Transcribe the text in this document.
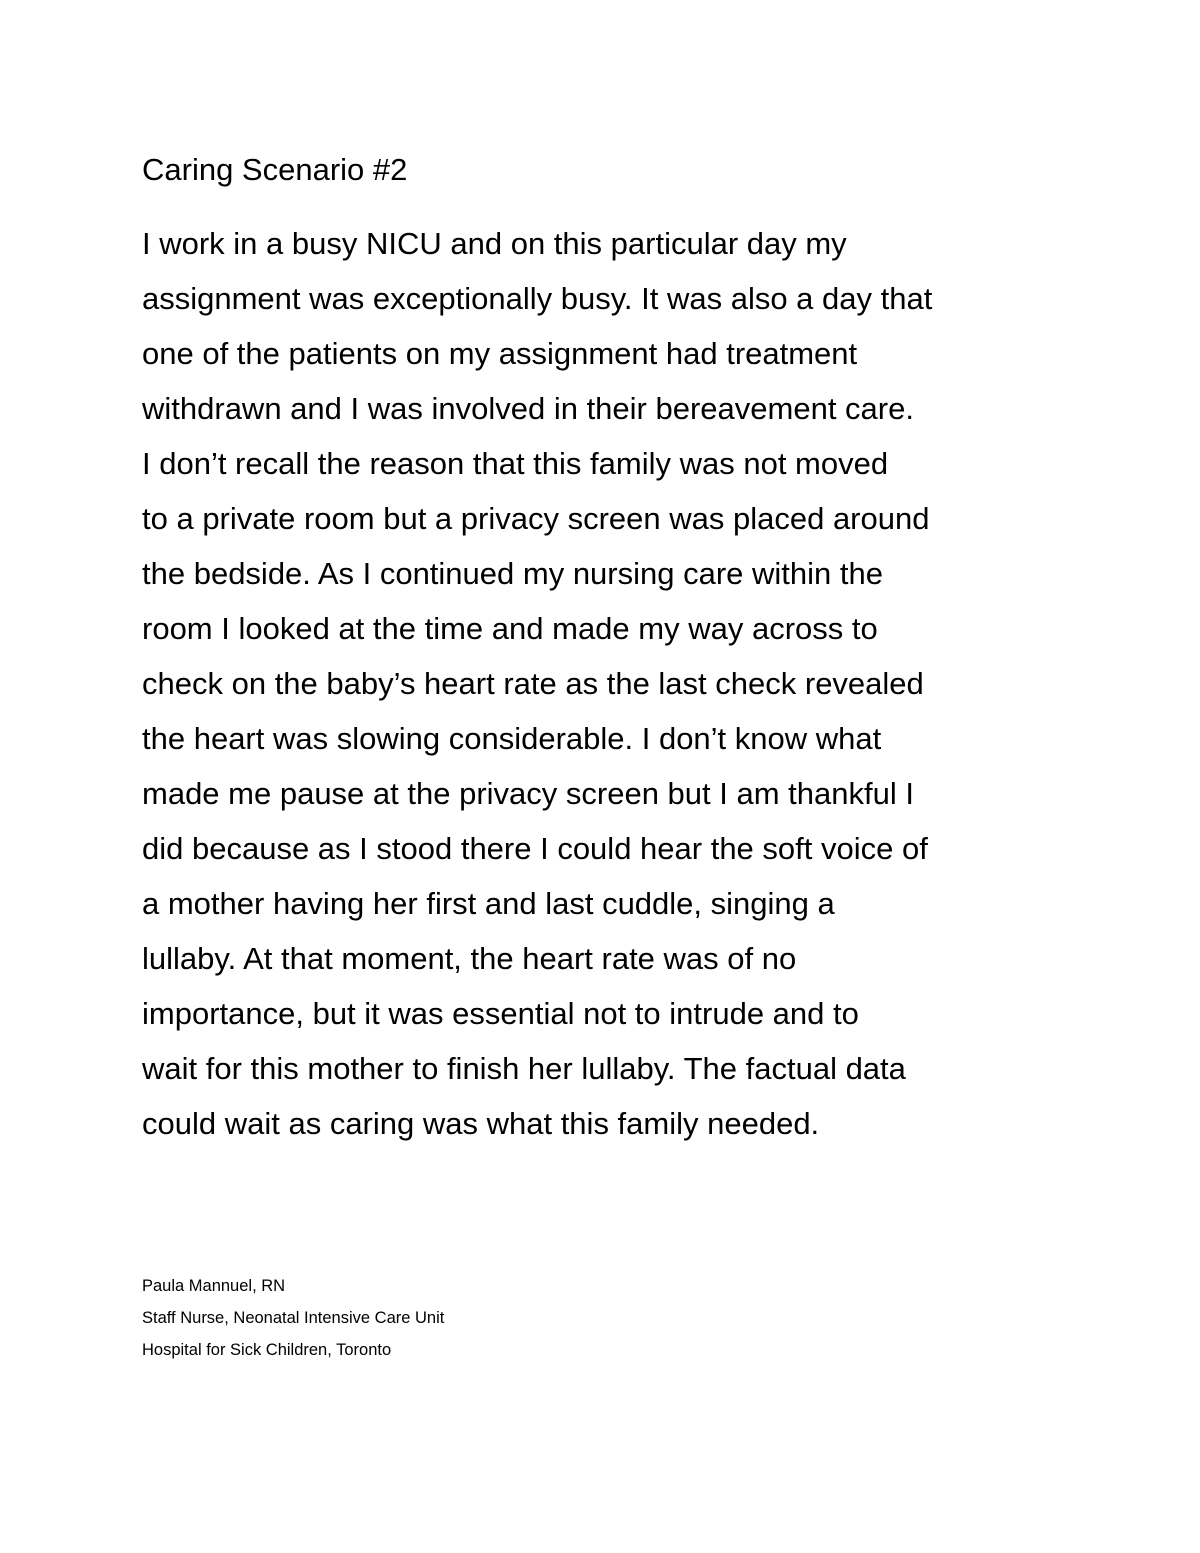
Caring Scenario #2
I work in a busy NICU and on this particular day my
assignment was exceptionally busy. It was also a day that
one of the patients on my assignment had treatment
withdrawn and I was involved in their bereavement care.
I don’t recall the reason that this family was not moved
to a private room but a privacy screen was placed around
the bedside. As I continued my nursing care within the
room I looked at the time and made my way across to
check on the baby’s heart rate as the last check revealed
the heart was slowing considerable. I don’t know what
made me pause at the privacy screen but I am thankful I
did because as I stood there I could hear the soft voice of
a mother having her first and last cuddle, singing a
lullaby. At that moment, the heart rate was of no
importance, but it was essential not to intrude and to
wait for this mother to finish her lullaby. The factual data
could wait as caring was what this family needed.
Paula Mannuel, RN
Staff Nurse, Neonatal Intensive Care Unit
Hospital for Sick Children, Toronto
